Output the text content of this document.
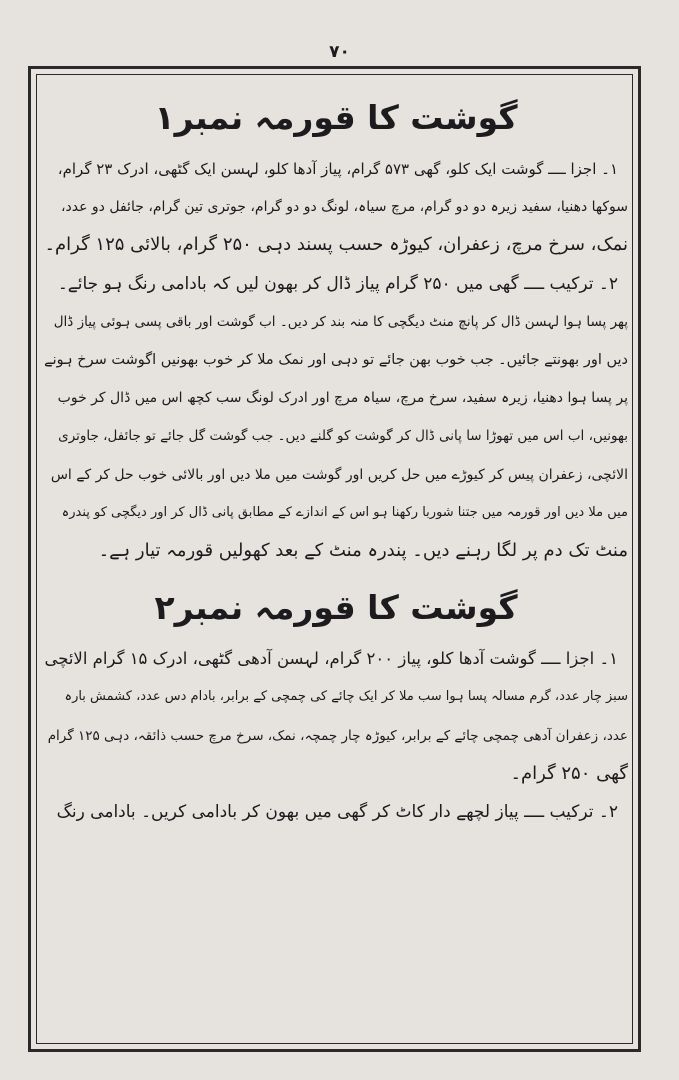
۷۰
گوشت کا قورمہ نمبر۱

۱۔ اجزا ــــ گوشت ایک کلو، گھی ۵۷۳ گرام، پیاز آدھا کلو، لہسن ایک گٹھی، ادرک ۲۳ گرام،

سوکھا دھنیا، سفید زیرہ دو دو گرام، مرچ سیاہ، لونگ دو دو گرام، جوتری تین گرام، جائفل دو عدد،

نمک، سرخ مرچ، زعفران، کیوڑہ حسب پسند دہی ۲۵۰ گرام، بالائی ۱۲۵ گرام۔

۲۔ ترکیب ــــ گھی میں ۲۵۰ گرام پیاز ڈال کر بھون لیں کہ بادامی رنگ ہو جائے۔

پھر پسا ہوا لہسن ڈال کر پانچ منٹ دیگچی کا منہ بند کر دیں۔ اب گوشت اور باقی پسی ہوئی پیاز ڈال

دیں اور بھونتے جائیں۔ جب خوب بھن جائے تو دہی اور نمک ملا کر خوب بھونیں اگوشت سرخ ہونے

پر پسا ہوا دھنیا، زیرہ سفید، سرخ مرچ، سیاہ مرچ اور ادرک لونگ سب کچھ اس میں ڈال کر خوب

بھونیں، اب اس میں تھوڑا سا پانی ڈال کر گوشت کو گلنے دیں۔ جب گوشت گل جائے تو جائفل، جاوتری

الائچی، زعفران پیس کر کیوڑے میں حل کریں اور گوشت میں ملا دیں اور بالائی خوب حل کر کے اس

میں ملا دیں اور قورمہ میں جتنا شوربا رکھنا ہو اس کے اندازے کے مطابق پانی ڈال کر اور دیگچی کو پندرہ

منٹ تک دم پر لگا رہنے دیں۔ پندرہ منٹ کے بعد کھولیں قورمہ تیار ہے۔

گوشت کا قورمہ نمبر۲

۱۔ اجزا ــــ گوشت آدھا کلو، پیاز ۲۰۰ گرام، لہسن آدھی گٹھی، ادرک ۱۵ گرام الائچی

سبز چار عدد، گرم مسالہ پسا ہوا سب ملا کر ایک چائے کی چمچی کے برابر، بادام دس عدد، کشمش بارہ

عدد، زعفران آدھی چمچی چائے کے برابر، کیوڑہ چار چمچہ، نمک، سرخ مرچ حسب ذائقہ، دہی ۱۲۵ گرام

گھی ۲۵۰ گرام۔

۲۔ ترکیب ــــ پیاز لچھے دار کاٹ کر گھی میں بھون کر بادامی کریں۔ بادامی رنگ
